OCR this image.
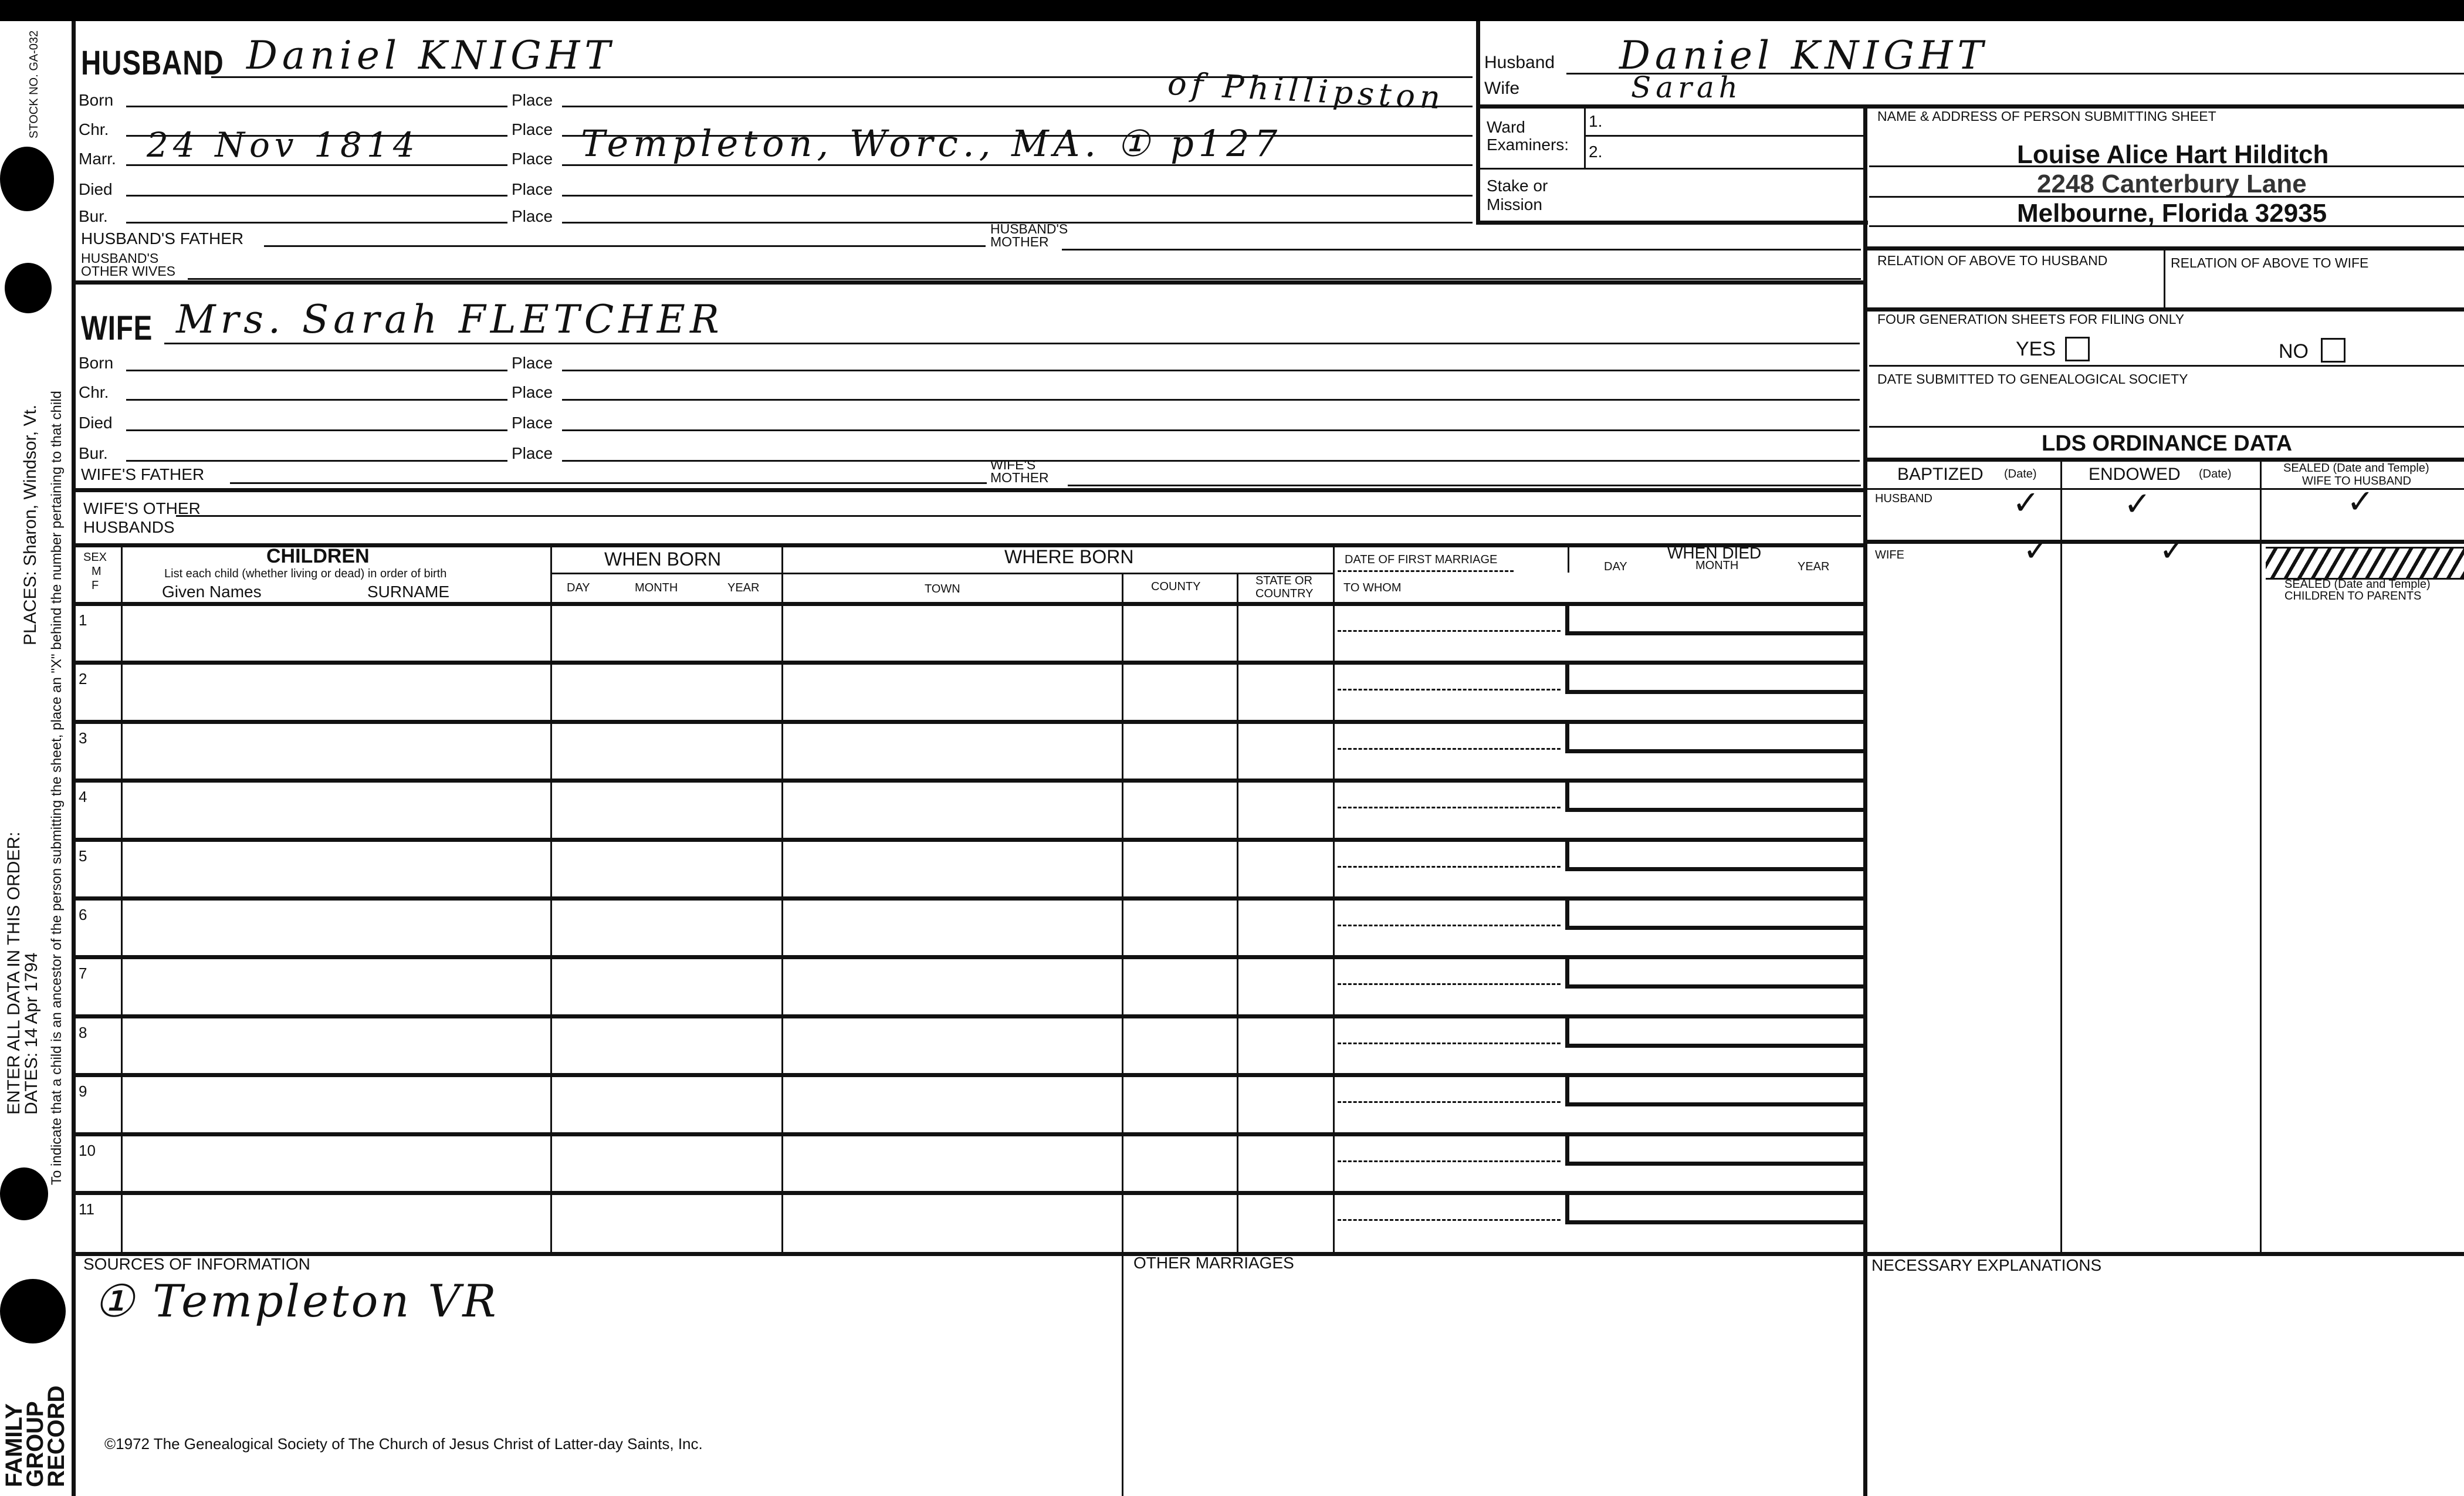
STOCK NO. GA-032
To indicate that a child is an ancestor of the person submitting the sheet, place an "X" behind the number pertaining to that child
ENTER ALL DATA IN THIS ORDER:
DATES: 14 Apr 1794
PLACES: Sharon, Windsor, Vt.
FAMILY
GROUP
RECORD
HUSBAND Daniel KNIGHT
of Phillipston
Born	Place
Chr.	Place
Marr. 24 Nov 1814	Place Templeton, Worc., MA. ① p127
Died	Place
Bur.	Place
HUSBAND'S FATHER
HUSBAND'S
MOTHER
HUSBAND'S
OTHER WIVES
Husband Daniel KNIGHT
Wife	Sarah
Ward
Examiners:
1.
2.
Stake or
Mission
NAME & ADDRESS OF PERSON SUBMITTING SHEET
Louise Alice Hart Hilditch
2248 Canterbury Lane
Melbourne, Florida 32935
RELATION OF ABOVE TO HUSBAND	RELATION OF ABOVE TO WIFE
FOUR GENERATION SHEETS FOR FILING ONLY
YES	NO
DATE SUBMITTED TO GENEALOGICAL SOCIETY
LDS ORDINANCE DATA
BAPTIZED (Date)	ENDOWED (Date)	SEALED (Date and Temple)
WIFE TO HUSBAND
HUSBAND ✓	✓	✓
WIFE	✓	✓
SEALED (Date and Temple)
CHILDREN TO PARENTS
WIFE Mrs. Sarah FLETCHER
Born	Place
Chr.	Place
Died	Place
Bur.	Place
WIFE'S FATHER
WIFE'S
MOTHER
WIFE'S OTHER
HUSBANDS
SEX
M
F
CHILDREN
List each child (whether living or dead) in order of birth
Given Names	SURNAME
WHEN BORN
DAY	MONTH	YEAR
WHERE BORN
TOWN	COUNTY	STATE OR
COUNTRY
DATE OF FIRST MARRIAGE
TO WHOM
WHEN DIED
DAY	MONTH	YEAR
1
2
3
4
5
6
7
8
9
10
11
SOURCES OF INFORMATION
① Templeton VR
OTHER MARRIAGES	NECESSARY EXPLANATIONS
©1972 The Genealogical Society of The Church of Jesus Christ of Latter-day Saints, Inc.
